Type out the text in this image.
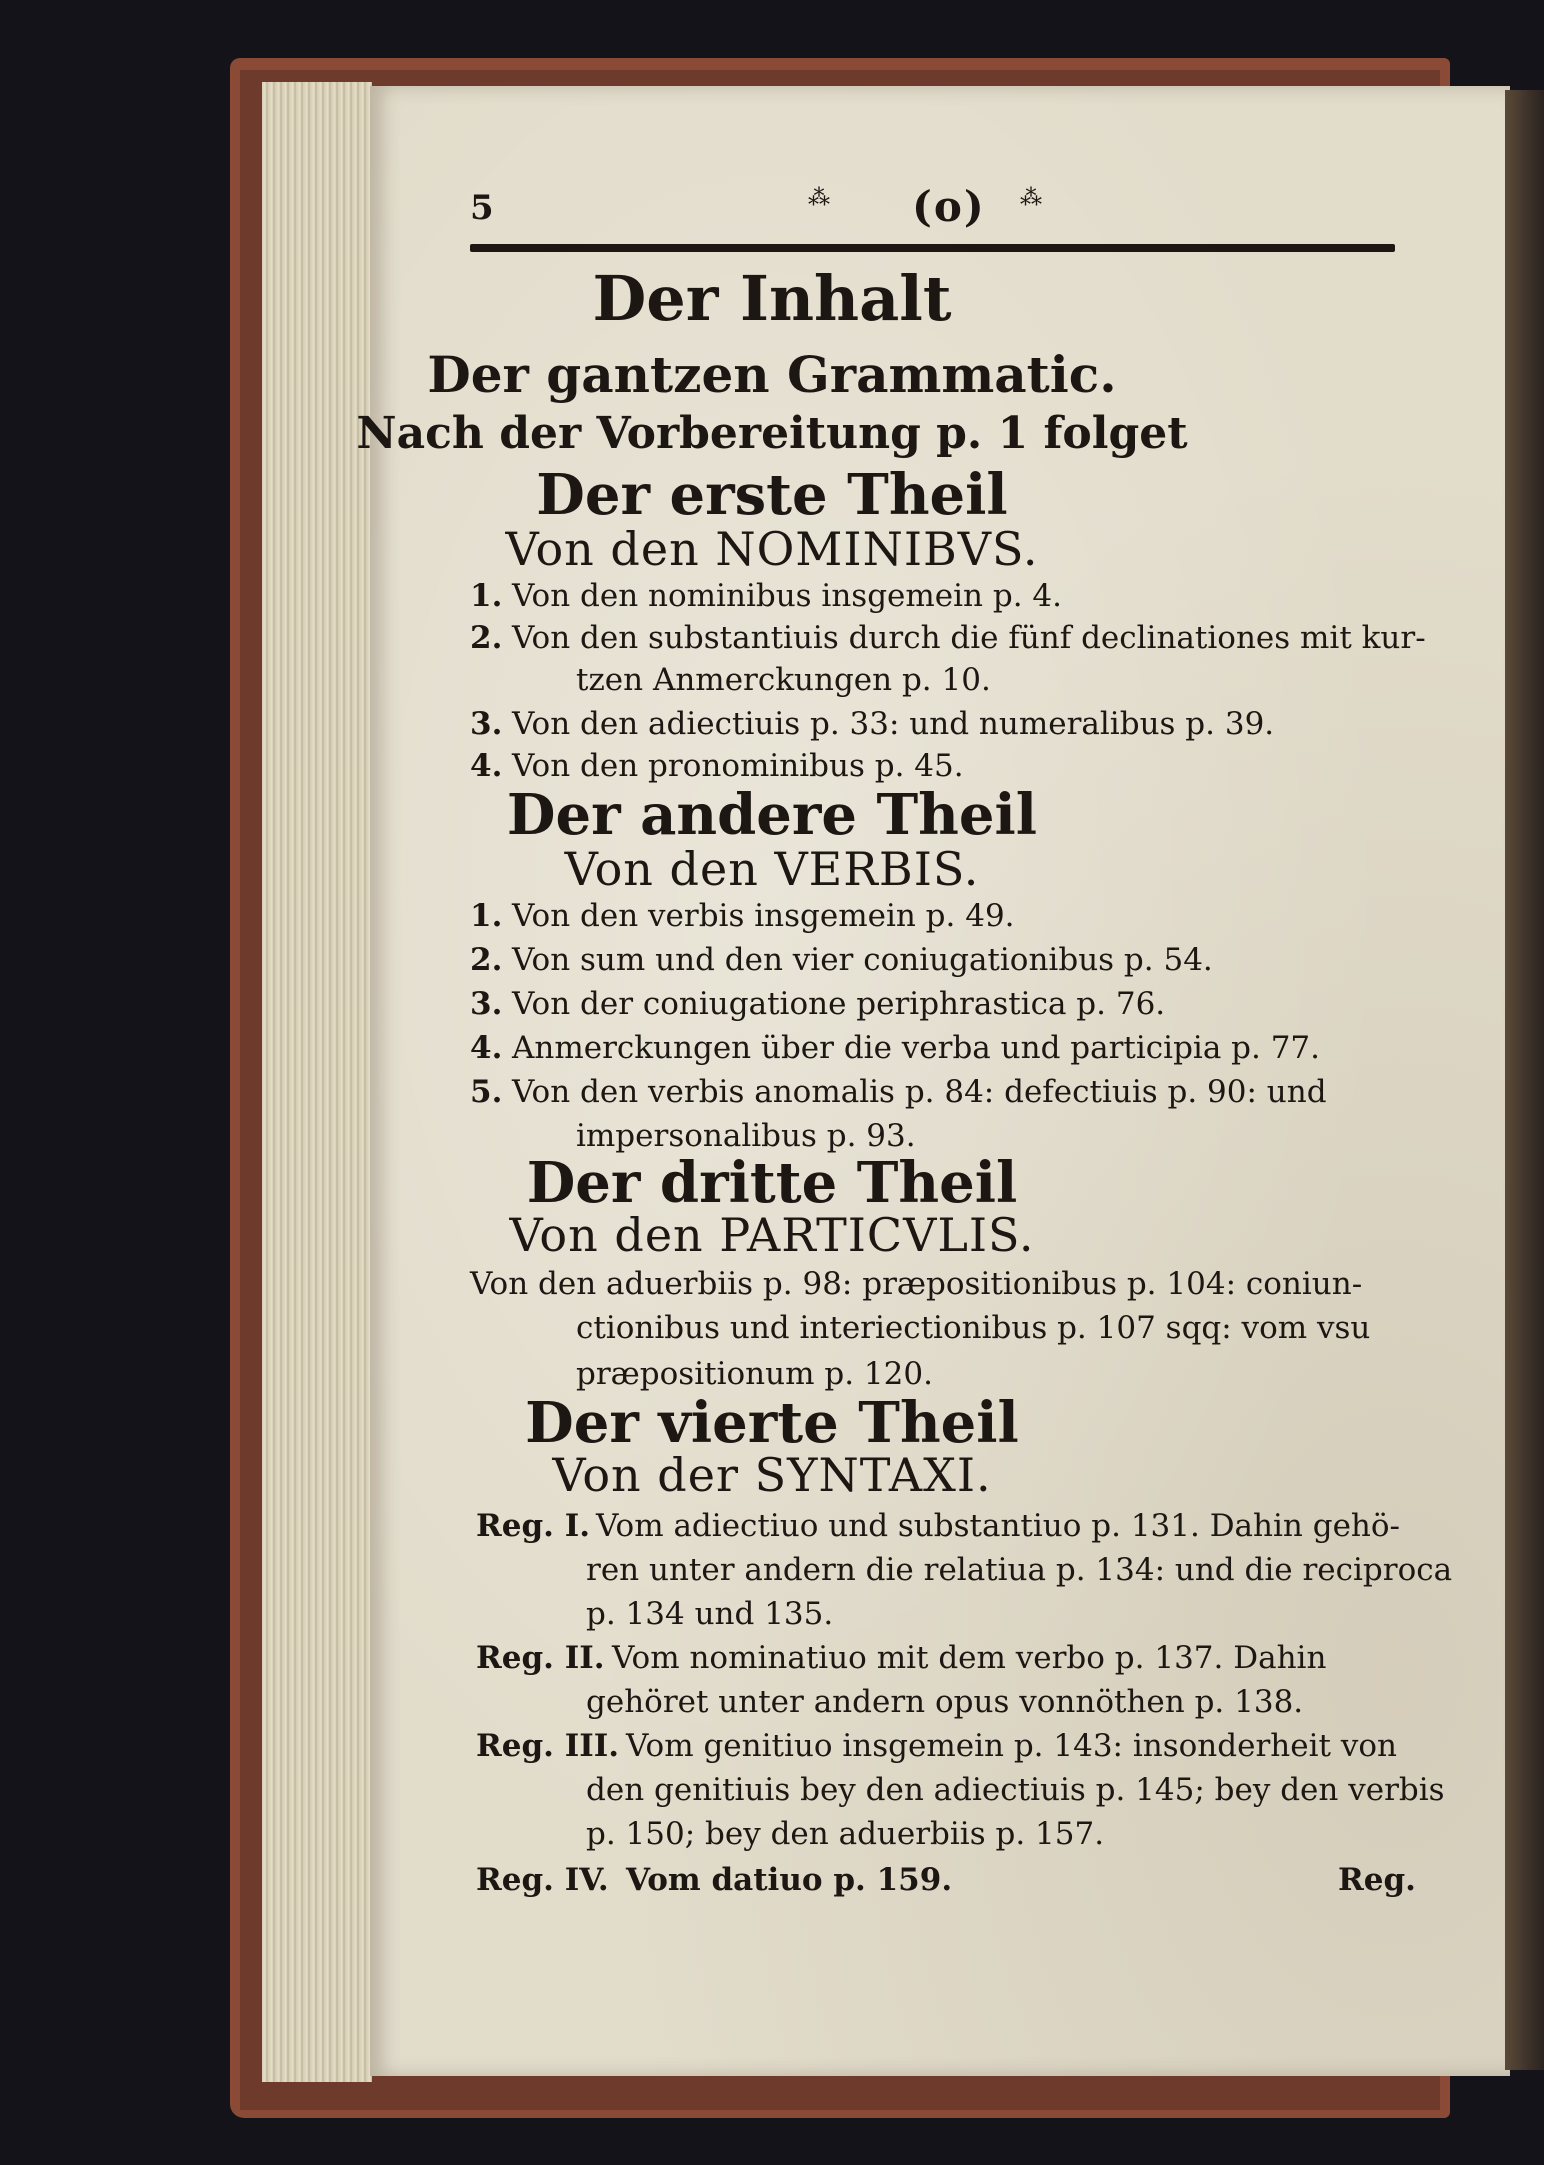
5	⁂ (o) ⁂
Der Inhalt
Der gantzen Grammatic.
Nach der Vorbereitung p. 1 folget
Der erste Theil
Von den NOMINIBVS.
1. Von den nominibus insgemein p. 4.
2. Von den substantiuis durch die fünf declinationes mit kur-
tzen Anmerckungen p. 10.
3. Von den adiectiuis p. 33: und numeralibus p. 39.
4. Von den pronominibus p. 45.
Der andere Theil
Von den VERBIS.
1. Von den verbis insgemein p. 49.
2. Von sum und den vier coniugationibus p. 54.
3. Von der coniugatione periphrastica p. 76.
4. Anmerckungen über die verba und participia p. 77.
5. Von den verbis anomalis p. 84: defectiuis p. 90: und
impersonalibus p. 93.
Der dritte Theil
Von den PARTICVLIS.
Von den aduerbiis p. 98: præpositionibus p. 104: coniun-
ctionibus und interiectionibus p. 107 sqq: vom vsu
præpositionum p. 120.
Der vierte Theil
Von der SYNTAXI.
Reg. I. Vom adiectiuo und substantiuo p. 131. Dahin gehö-
ren unter andern die relatiua p. 134: und die reciproca
p. 134 und 135.
Reg. II. Vom nominatiuo mit dem verbo p. 137. Dahin
gehöret unter andern opus vonnöthen p. 138.
Reg. III. Vom genitiuo insgemein p. 143: insonderheit von
den genitiuis bey den adiectiuis p. 145; bey den verbis
p. 150; bey den aduerbiis p. 157.
Reg. IV. Vom datiuo p. 159.	Reg.
